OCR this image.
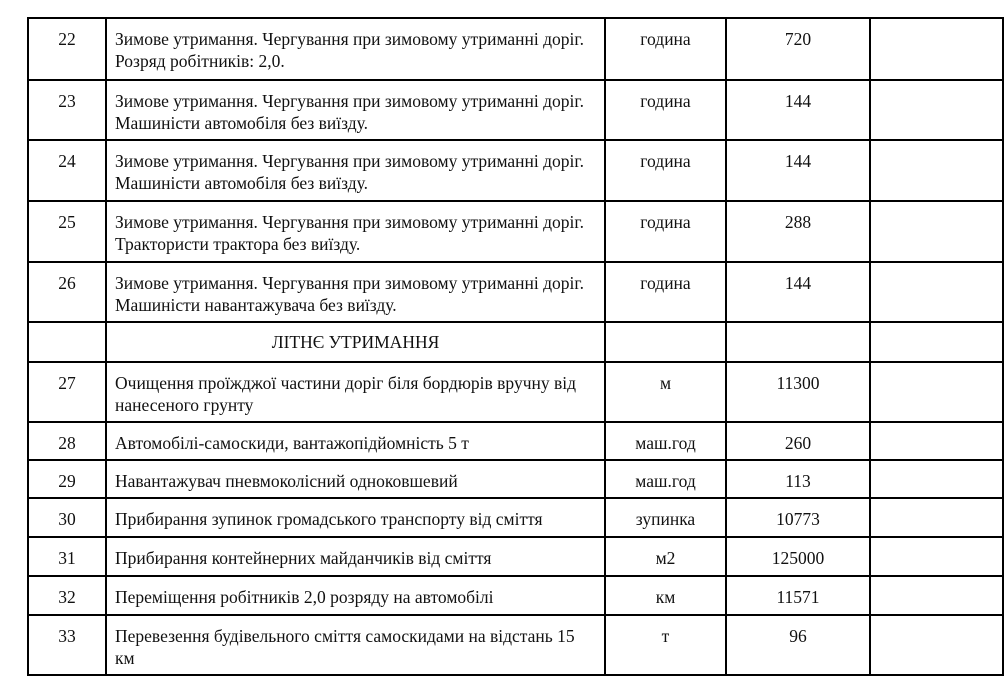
22	Зимове утримання. Чергування при зимовому утриманні доріг. Розряд робітників: 2,0.	година	720	
23	Зимове утримання. Чергування при зимовому утриманні доріг. Машиністи автомобіля без виїзду.	година	144	
24	Зимове утримання. Чергування при зимовому утриманні доріг. Машиністи автомобіля без виїзду.	година	144	
25	Зимове утримання. Чергування при зимовому утриманні доріг. Трактористи трактора без виїзду.	година	288	
26	Зимове утримання. Чергування при зимовому утриманні доріг. Машиністи навантажувача без виїзду.	година	144	
	ЛІТНЄ УТРИМАННЯ			
27	Очищення проїжджої частини доріг біля бордюрів вручну від нанесеного грунту	м	11300	
28	Автомобілі-самоскиди, вантажопідйомність 5 т	маш.год	260	
29	Навантажувач пневмоколісний одноковшевий	маш.год	113	
30	Прибирання зупинок громадського транспорту від сміття	зупинка	10773	
31	Прибирання контейнерних майданчиків від сміття	м2	125000	
32	Переміщення робітників 2,0 розряду на автомобілі	км	11571	
33	Перевезення будівельного сміття самоскидами на відстань 15 км	т	96	
